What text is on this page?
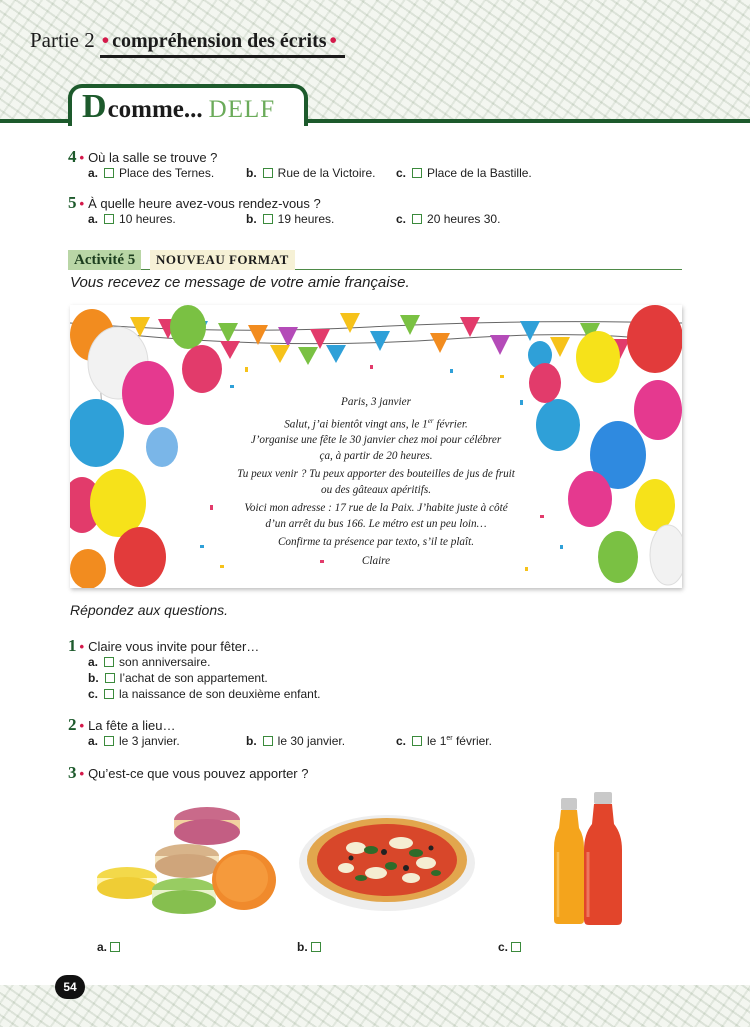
Partie 2 • compréhension des écrits •
Dcomme... DELF
4 • Où la salle se trouve ?
a. Place des Ternes.	b. Rue de la Victoire. c. Place de la Bastille.
5 • À quelle heure avez-vous rendez-vous ?
a. 10 heures.	b. 19 heures.	c. 20 heures 30.
Activité 5	NOUVEAU FORMAT
Vous recevez ce message de votre amie française.

Paris, 3 janvier

Salut, j’ai bientôt vingt ans, le 1er février.
J’organise une fête le 30 janvier chez moi pour célébrer
ça, à partir de 20 heures.

Tu peux venir ? Tu peux apporter des bouteilles de jus de fruit
ou des gâteaux apéritifs.

Voici mon adresse : 17 rue de la Paix. J’habite juste à côté
d’un arrêt du bus 166. Le métro est un peu loin…

Confirme ta présence par texto, s’il te plaît.

Claire

Répondez aux questions.
1 • Claire vous invite pour fêter…
a. son anniversaire.
b. l’achat de son appartement.
c. la naissance de son deuxième enfant.
2 • La fête a lieu…
a. le 3 janvier.	b. le 30 janvier.	c. le 1er février.
3 • Qu’est-ce que vous pouvez apporter ?
a.	b.	c.
54
